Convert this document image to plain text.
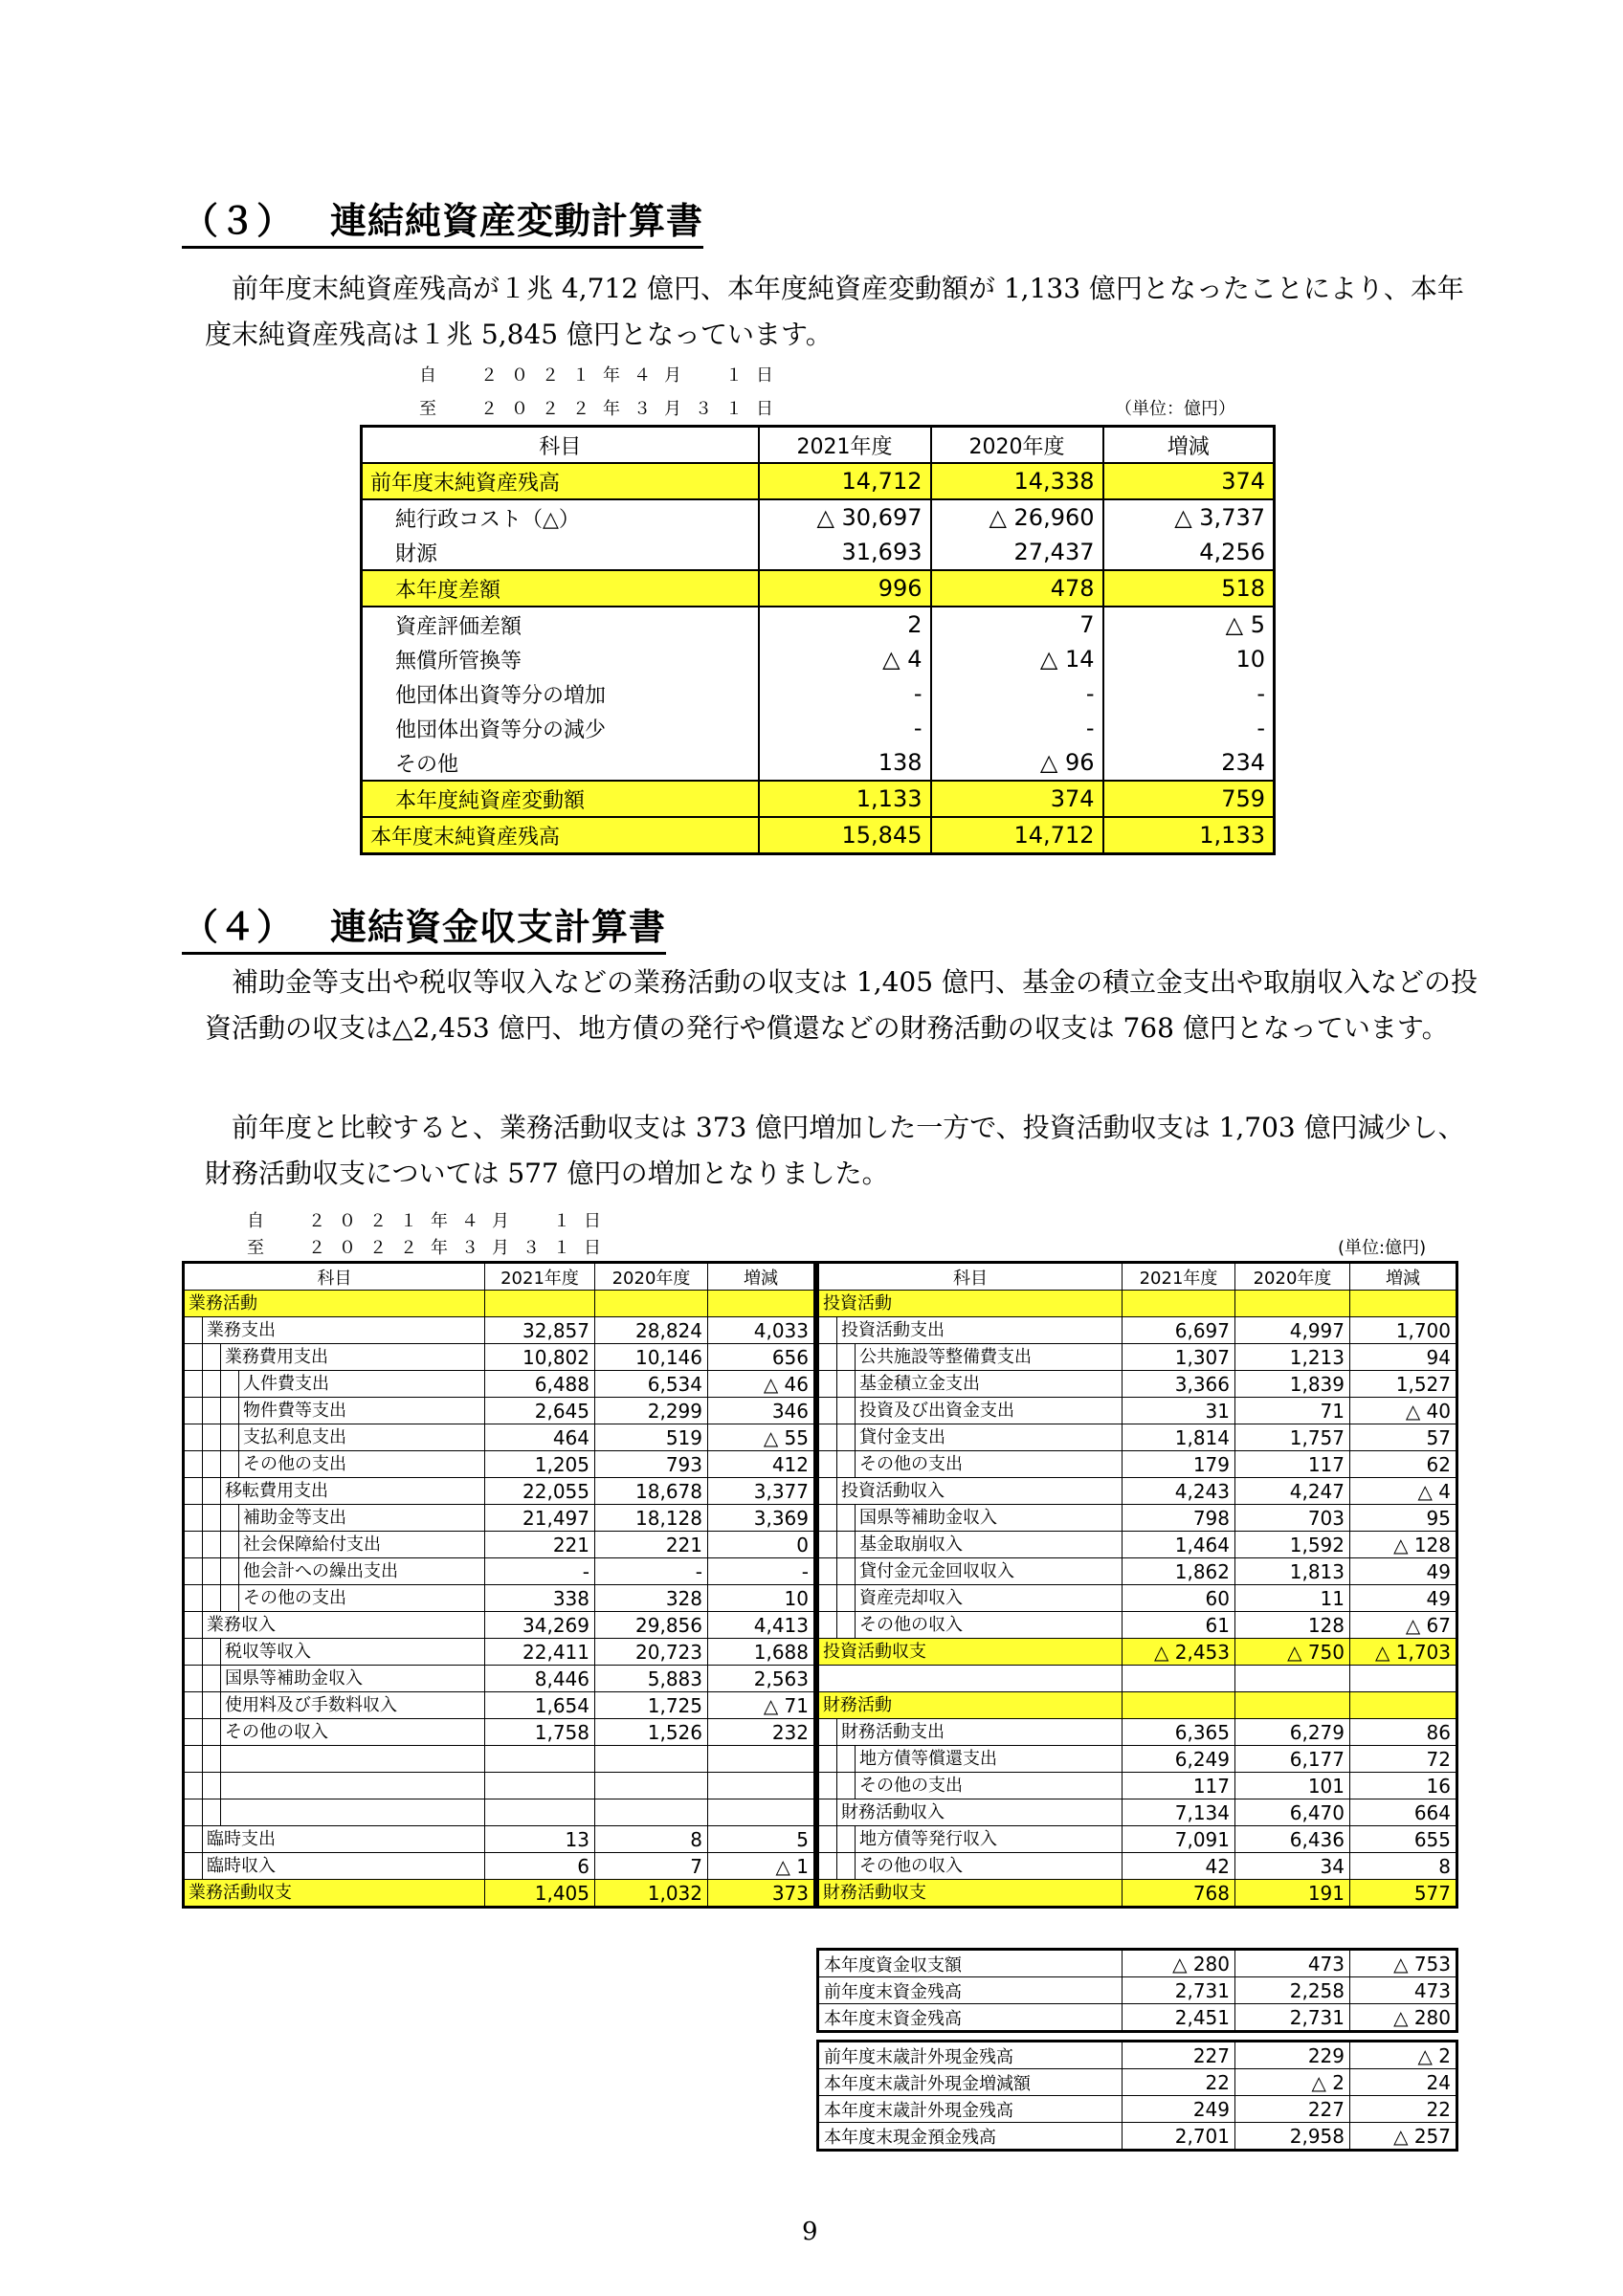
（３） 連結純資産変動計算書

前年度末純資産残高が１兆 4,712 億円、本年度純資産変動額が 1,133 億円となったことにより、本年度末純資産残高は１兆 5,845 億円となっています。

自　２０２１年４月　１日
至　２０２２年３月３１日	（単位：億円）
科目	2021年度	2020年度	増減
前年度末純資産残高	14,712	14,338	374
純行政コスト（△）	△ 30,697	△ 26,960	△ 3,737
財源	31,693	27,437	4,256
本年度差額	996	478	518
資産評価差額	2	7	△ 5
無償所管換等	△ 4	△ 14	10
他団体出資等分の増加	-	-	-
他団体出資等分の減少	-	-	-
その他	138	△ 96	234
本年度純資産変動額	1,133	374	759
本年度末純資産残高	15,845	14,712	1,133
（４） 連結資金収支計算書

補助金等支出や税収等収入などの業務活動の収支は 1,405 億円、基金の積立金支出や取崩収入などの投資活動の収支は△2,453 億円、地方債の発行や償還などの財務活動の収支は 768 億円となっています。

前年度と比較すると、業務活動収支は 373 億円増加した一方で、投資活動収支は 1,703 億円減少し、財務活動収支については 577 億円の増加となりました。

自　２０２１年４月　１日
至　２０２２年３月３１日	(単位:億円)
科目	2021年度	2020年度	増減

業務活動			

業務支出	32,857	28,824	4,033

業務費用支出	10,802	10,146	656

人件費支出	6,488	6,534	△ 46

物件費等支出	2,645	2,299	346

支払利息支出	464	519	△ 55

その他の支出	1,205	793	412

移転費用支出	22,055	18,678	3,377

補助金等支出	21,497	18,128	3,369

社会保障給付支出	221	221	0

他会計への繰出支出	-	-	-

その他の支出	338	328	10

業務収入	34,269	29,856	4,413

税収等収入	22,411	20,723	1,688

国県等補助金収入	8,446	5,883	2,563

使用料及び手数料収入	1,654	1,725	△ 71

その他の収入	1,758	1,526	232

臨時支出	13	8	5

臨時収入	6	7	△ 1

業務活動収支	1,405	1,032	373
科目	2021年度	2020年度	増減

投資活動			

投資活動支出	6,697	4,997	1,700

公共施設等整備費支出	1,307	1,213	94

基金積立金支出	3,366	1,839	1,527

投資及び出資金支出	31	71	△ 40

貸付金支出	1,814	1,757	57

その他の支出	179	117	62

投資活動収入	4,243	4,247	△ 4

国県等補助金収入	798	703	95

基金取崩収入	1,464	1,592	△ 128

貸付金元金回収収入	1,862	1,813	49

資産売却収入	60	11	49

その他の収入	61	128	△ 67

投資活動収支	△ 2,453	△ 750	△ 1,703

財務活動			

財務活動支出	6,365	6,279	86

地方債等償還支出	6,249	6,177	72

その他の支出	117	101	16

財務活動収入	7,134	6,470	664

地方債等発行収入	7,091	6,436	655

その他の収入	42	34	8

財務活動収支	768	191	577
本年度資金収支額	△ 280	473	△ 753
前年度末資金残高	2,731	2,258	473
本年度末資金残高	2,451	2,731	△ 280
前年度末歳計外現金残高	227	229	△ 2
本年度末歳計外現金増減額	22	△ 2	24
本年度末歳計外現金残高	249	227	22
本年度末現金預金残高	2,701	2,958	△ 257
9
